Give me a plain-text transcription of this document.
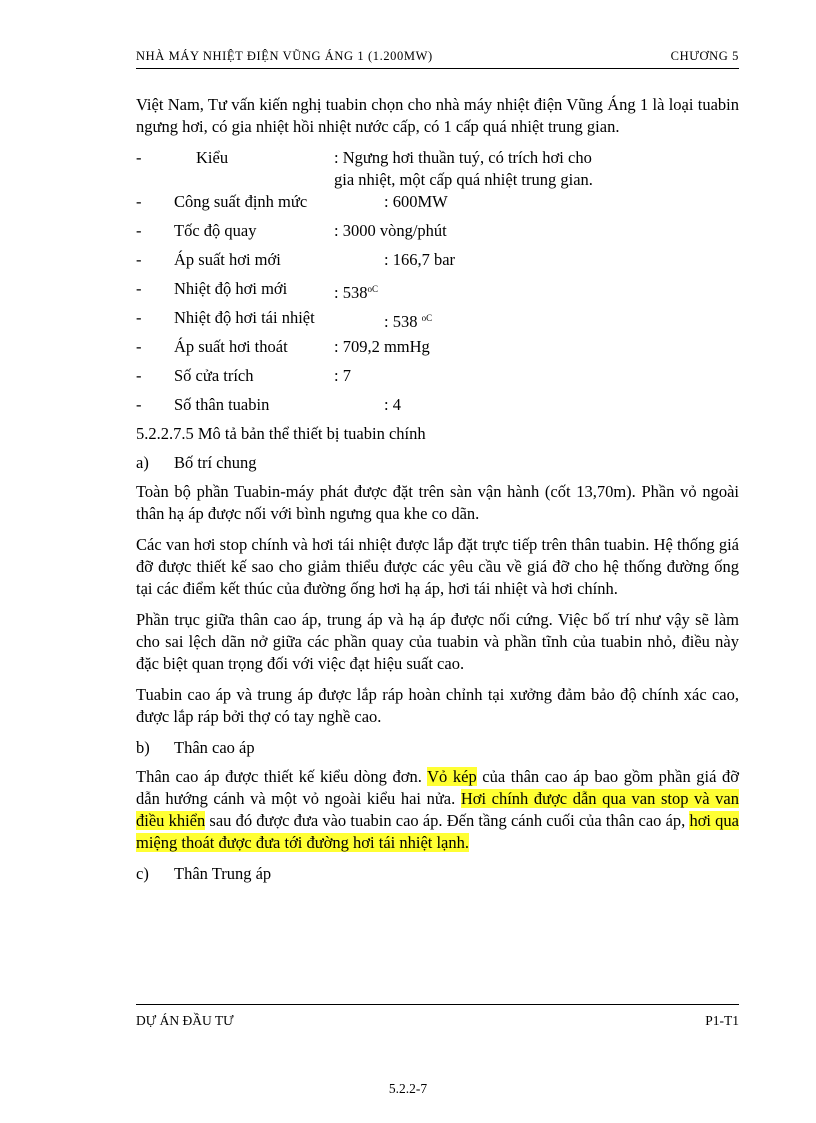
NHÀ MÁY NHIỆT ĐIỆN VŨNG ÁNG 1 (1.200MW)	CHƯƠNG 5

Việt Nam, Tư vấn kiến nghị tuabin chọn cho nhà máy nhiệt điện Vũng Áng 1 là loại tuabin ngưng hơi, có gia nhiệt hồi nhiệt nước cấp, có 1 cấp quá nhiệt trung gian.

-	Kiểu	: Ngưng hơi thuần tuý, có trích hơi cho
gia nhiệt, một cấp quá nhiệt trung gian.
-	Công suất định mức	: 600MW
-	Tốc độ quay	: 3000 vòng/phút
-	Áp suất hơi mới	: 166,7 bar
-	Nhiệt độ hơi mới	: $538^{oC}$
-	Nhiệt độ hơi tái nhiệt	: 538 $^{oC}$
-	Áp suất hơi thoát	: 709,2 mmHg
-	Số cửa trích	: 7
-	Số thân tuabin	: 4
5.2.2.7.5 Mô tả bản thể thiết bị tuabin chính
a)	Bố trí chung

Toàn bộ phần Tuabin-máy phát được đặt trên sàn vận hành (cốt 13,70m). Phần vỏ ngoài thân hạ áp được nối với bình ngưng qua khe co dãn.

Các van hơi stop chính và hơi tái nhiệt được lắp đặt trực tiếp trên thân tuabin. Hệ thống giá đỡ được thiết kế sao cho giảm thiểu được các yêu cầu về giá đỡ cho hệ thống đường ống tại các điểm kết thúc của đường ống hơi hạ áp, hơi tái nhiệt và hơi chính.

Phần trục giữa thân cao áp, trung áp và hạ áp được nối cứng. Việc bố trí như vậy sẽ làm cho sai lệch dãn nở giữa các phần quay của tuabin và phần tĩnh của tuabin nhỏ, điều này đặc biệt quan trọng đối với việc đạt hiệu suất cao.

Tuabin cao áp và trung áp được lắp ráp hoàn chỉnh tại xưởng đảm bảo độ chính xác cao, được lắp ráp bởi thợ có tay nghề cao.

b)	Thân cao áp

Thân cao áp được thiết kế kiểu dòng đơn. Vỏ kép của thân cao áp bao gồm phần giá đỡ dẫn hướng cánh và một vỏ ngoài kiểu hai nửa. Hơi chính được dẫn qua van stop và van điều khiển sau đó được đưa vào tuabin cao áp. Đến tầng cánh cuối của thân cao áp, hơi qua miệng thoát được đưa tới đường hơi tái nhiệt lạnh.

c)	Thân Trung áp
DỰ ÁN ĐẦU TƯ	P1-T1
5.2.2-7
